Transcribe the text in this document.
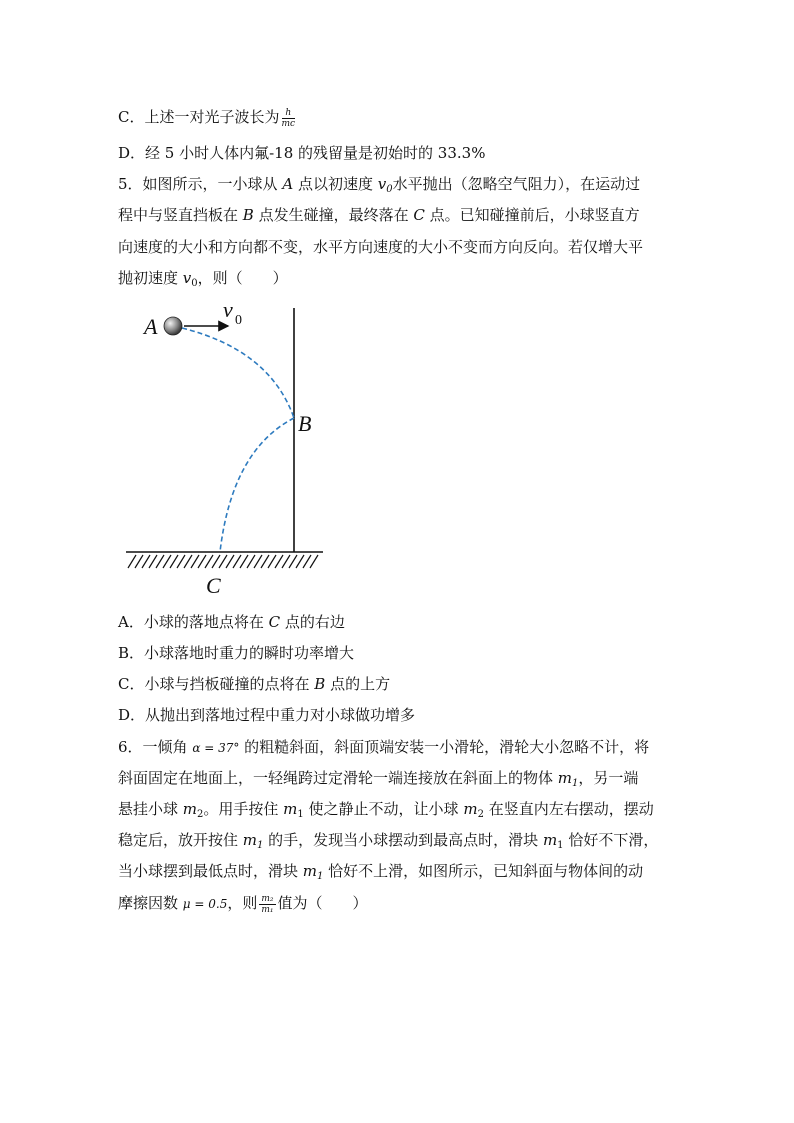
C．上述一对光子波长为 $\frac{h}{mc}$
D．经 5 小时人体内氟-18 的残留量是初始时的 33.3%
5．如图所示，一小球从 A 点以初速度 $v_0$水平抛出（忽略空气阻力），在运动过
程中与竖直挡板在 B 点发生碰撞，最终落在 C 点。已知碰撞前后，小球竖直方
向速度的大小和方向都不变，水平方向速度的大小不变而方向反向。若仅增大平
抛初速度 $v_0$，则（　　）
A
v 0
B
C
A．小球的落地点将在 C 点的右边
B．小球落地时重力的瞬时功率增大
C．小球与挡板碰撞的点将在 B 点的上方
D．从抛出到落地过程中重力对小球做功增多
6．一倾角 α = 37° 的粗糙斜面，斜面顶端安装一小滑轮，滑轮大小忽略不计，将
斜面固定在地面上，一轻绳跨过定滑轮一端连接放在斜面上的物体 $m_1$，另一端
悬挂小球 $m_2$。用手按住 $m_1$ 使之静止不动，让小球 $m_2$ 在竖直内左右摆动，摆动
稳定后，放开按住 $m_1$ 的手，发现当小球摆动到最高点时，滑块 $m_1$ 恰好不下滑，
当小球摆到最低点时，滑块 $m_1$ 恰好不上滑，如图所示，已知斜面与物体间的动
摩擦因数 μ = 0.5，则 $\frac{\text{m₂}}{\text{m₁}}$ 值为（　　）
